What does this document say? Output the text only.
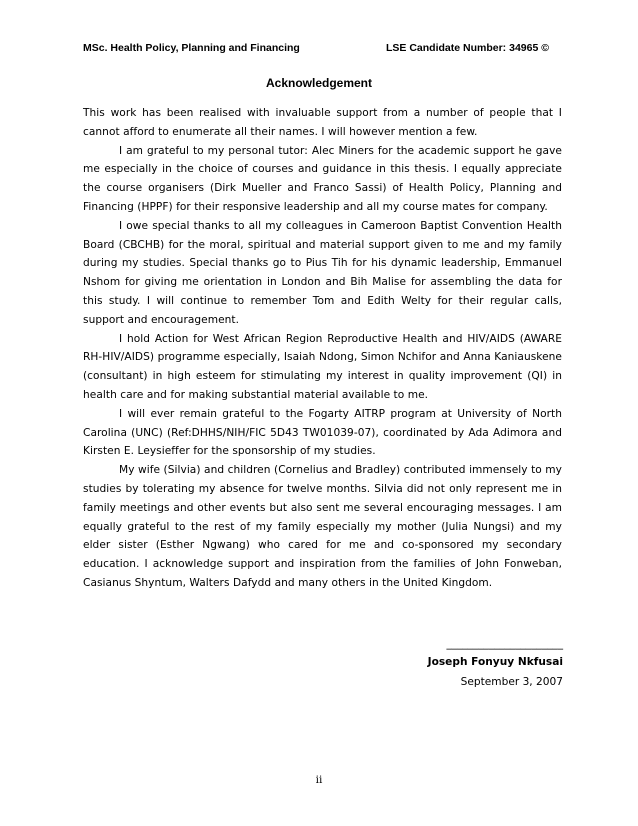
MSc. Health Policy, Planning and Financing	LSE Candidate Number: 34965 ©
Acknowledgement

This work has been realised with invaluable support from a number of people that I cannot afford to enumerate all their names. I will however mention a few.

I am grateful to my personal tutor: Alec Miners for the academic support he gave me especially in the choice of courses and guidance in this thesis. I equally appreciate the course organisers (Dirk Mueller and Franco Sassi) of Health Policy, Planning and Financing (HPPF) for their responsive leadership and all my course mates for company.

I owe special thanks to all my colleagues in Cameroon Baptist Convention Health Board (CBCHB) for the moral, spiritual and material support given to me and my family during my studies. Special thanks go to Pius Tih for his dynamic leadership, Emmanuel Nshom for giving me orientation in London and Bih Malise for assembling the data for this study. I will continue to remember Tom and Edith Welty for their regular calls, support and encouragement.

I hold Action for West African Region Reproductive Health and HIV/AIDS (AWARE RH-HIV/AIDS) programme especially, Isaiah Ndong, Simon Nchifor and Anna Kaniauskene (consultant) in high esteem for stimulating my interest in quality improvement (QI) in health care and for making substantial material available to me.

I will ever remain grateful to the Fogarty AITRP program at University of North Carolina (UNC) (Ref:DHHS/NIH/FIC 5D43 TW01039-07), coordinated by Ada Adimora and Kirsten E. Leysieffer for the sponsorship of my studies.

My wife (Silvia) and children (Cornelius and Bradley) contributed immensely to my studies by tolerating my absence for twelve months. Silvia did not only represent me in family meetings and other events but also sent me several encouraging messages. I am equally grateful to the rest of my family especially my mother (Julia Nungsi) and my elder sister (Esther Ngwang) who cared for me and co-sponsored my secondary education. I acknowledge support and inspiration from the families of John Fonweban, Casianus Shyntum, Walters Dafydd and many others in the United Kingdom.

______________________
Joseph Fonyuy Nkfusai
September 3, 2007
ii
